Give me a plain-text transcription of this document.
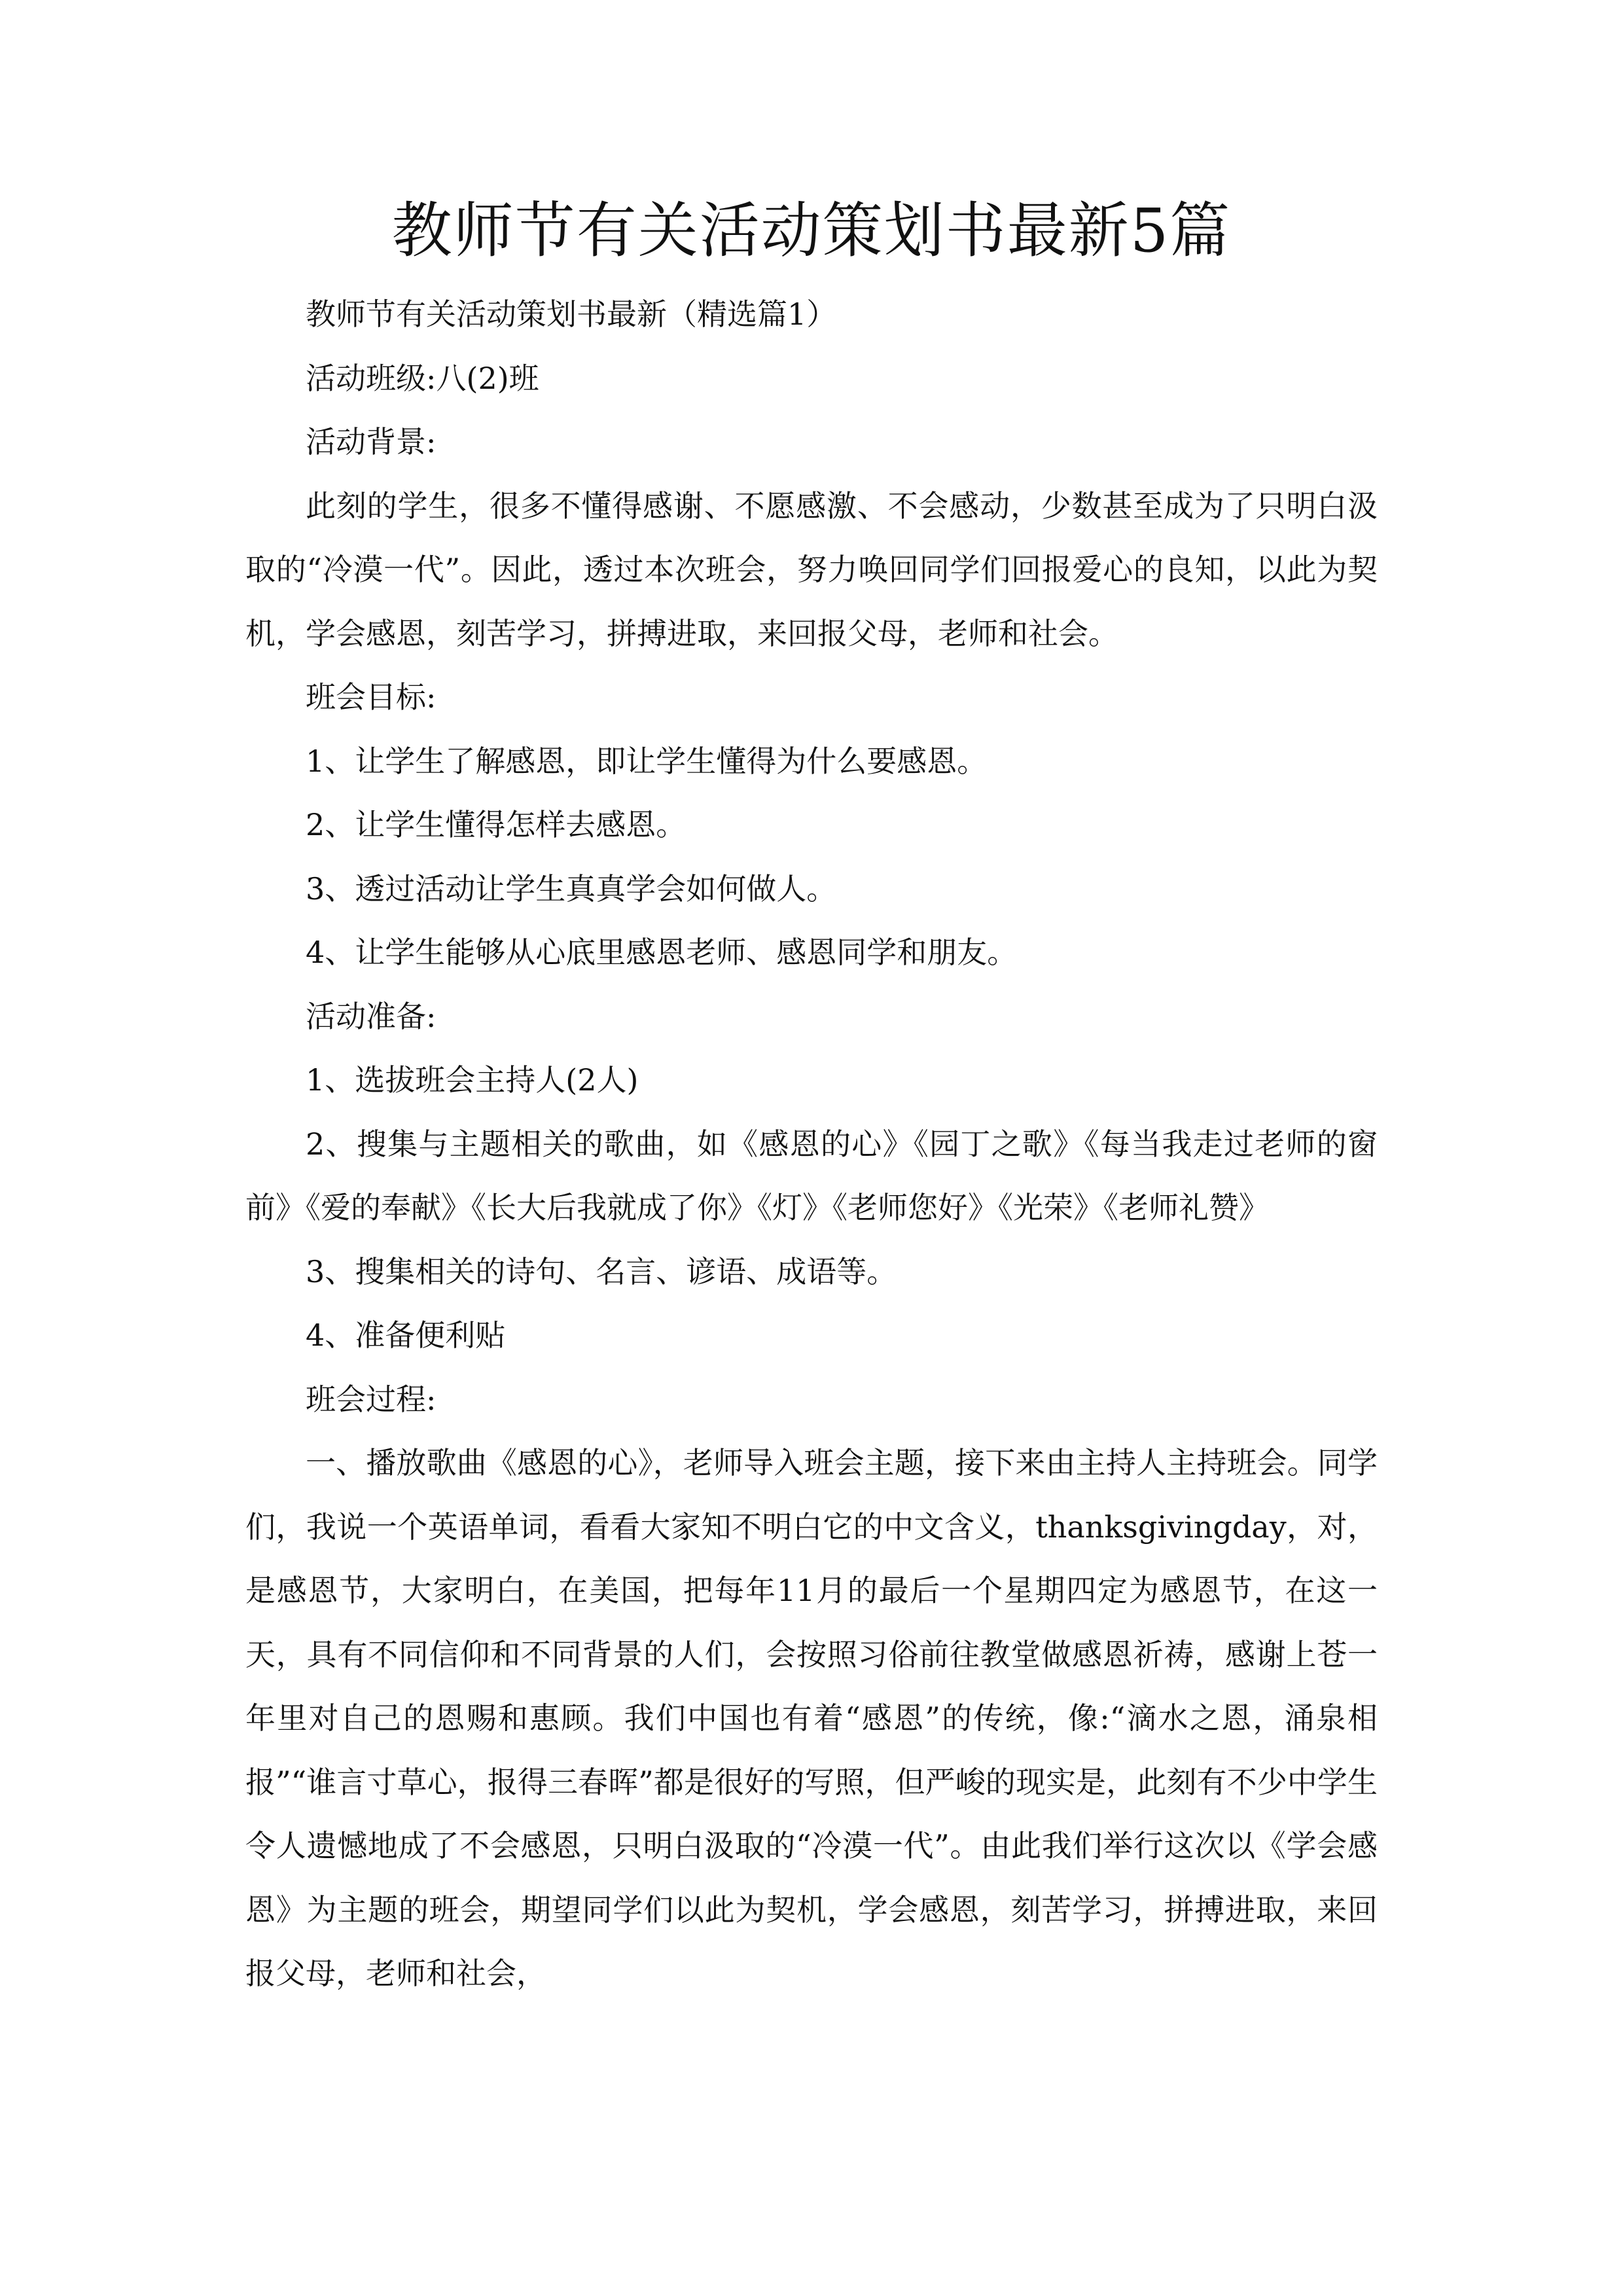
教师节有关活动策划书最新5篇

教师节有关活动策划书最新（精选篇1）

活动班级:八(2)班

活动背景:

此刻的学生，很多不懂得感谢、不愿感激、不会感动，少数甚至成为了只明白汲取的“冷漠一代”。因此，透过本次班会，努力唤回同学们回报爱心的良知，以此为契机，学会感恩，刻苦学习，拼搏进取，来回报父母，老师和社会。

班会目标:

1、让学生了解感恩，即让学生懂得为什么要感恩。

2、让学生懂得怎样去感恩。

3、透过活动让学生真真学会如何做人。

4、让学生能够从心底里感恩老师、感恩同学和朋友。

活动准备:

1、选拔班会主持人(2人)

2、搜集与主题相关的歌曲，如《感恩的心》《园丁之歌》《每当我走过老师的窗前》《爱的奉献》《长大后我就成了你》《灯》《老师您好》《光荣》《老师礼赞》

3、搜集相关的诗句、名言、谚语、成语等。

4、准备便利贴

班会过程:

一、播放歌曲《感恩的心》，老师导入班会主题，接下来由主持人主持班会。同学们，我说一个英语单词，看看大家知不明白它的中文含义，thanksgivingday，对，是感恩节，大家明白，在美国，把每年11月的最后一个星期四定为感恩节，在这一天，具有不同信仰和不同背景的人们，会按照习俗前往教堂做感恩祈祷，感谢上苍一年里对自己的恩赐和惠顾。我们中国也有着“感恩”的传统，像:“滴水之恩，涌泉相报”“谁言寸草心，报得三春晖”都是很好的写照，但严峻的现实是，此刻有不少中学生令人遗憾地成了不会感恩，只明白汲取的“冷漠一代”。由此我们举行这次以《学会感恩》为主题的班会，期望同学们以此为契机，学会感恩，刻苦学习，拼搏进取，来回报父母，老师和社会，
